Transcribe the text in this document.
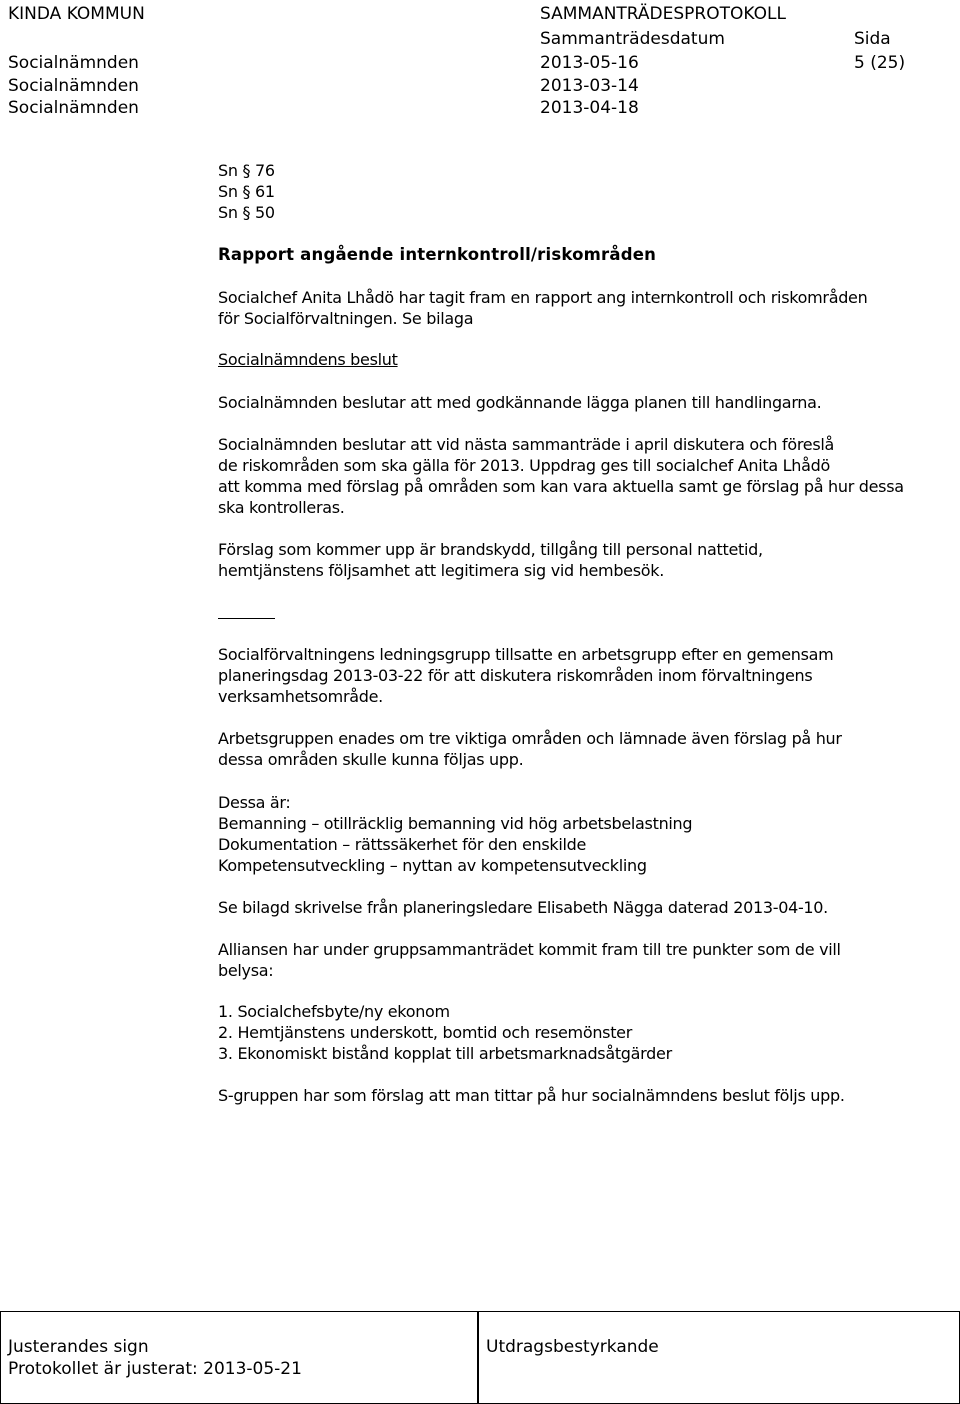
KINDA KOMMUN	SAMMANTRÄDESPROTOKOLL
Sammanträdesdatum	Sida
Socialnämnden	2013-05-16	5 (25)
Socialnämnden	2013-03-14
Socialnämnden	2013-04-18
Sn § 76
Sn § 61
Sn § 50
Rapport angående internkontroll/riskområden
Socialchef Anita Lhådö har tagit fram en rapport ang internkontroll och riskområden
för Socialförvaltningen. Se bilaga
Socialnämndens beslut
Socialnämnden beslutar att med godkännande lägga planen till handlingarna.
Socialnämnden beslutar att vid nästa sammanträde i april diskutera och föreslå
de riskområden som ska gälla för 2013. Uppdrag ges till socialchef Anita Lhådö
att komma med förslag på områden som kan vara aktuella samt ge förslag på hur dessa
ska kontrolleras.
Förslag som kommer upp är brandskydd, tillgång till personal nattetid,
hemtjänstens följsamhet att legitimera sig vid hembesök.
Socialförvaltningens ledningsgrupp tillsatte en arbetsgrupp efter en gemensam
planeringsdag 2013-03-22 för att diskutera riskområden inom förvaltningens
verksamhetsområde.
Arbetsgruppen enades om tre viktiga områden och lämnade även förslag på hur
dessa områden skulle kunna följas upp.
Dessa är:
Bemanning – otillräcklig bemanning vid hög arbetsbelastning
Dokumentation – rättssäkerhet för den enskilde
Kompetensutveckling – nyttan av kompetensutveckling
Se bilagd skrivelse från planeringsledare Elisabeth Nägga daterad 2013-04-10.
Alliansen har under gruppsammanträdet kommit fram till tre punkter som de vill
belysa:
1. Socialchefsbyte/ny ekonom
2. Hemtjänstens underskott, bomtid och resemönster
3. Ekonomiskt bistånd kopplat till arbetsmarknadsåtgärder
S-gruppen har som förslag att man tittar på hur socialnämndens beslut följs upp.
Justerandes sign
Protokollet är justerat: 2013-05-21
Utdragsbestyrkande
